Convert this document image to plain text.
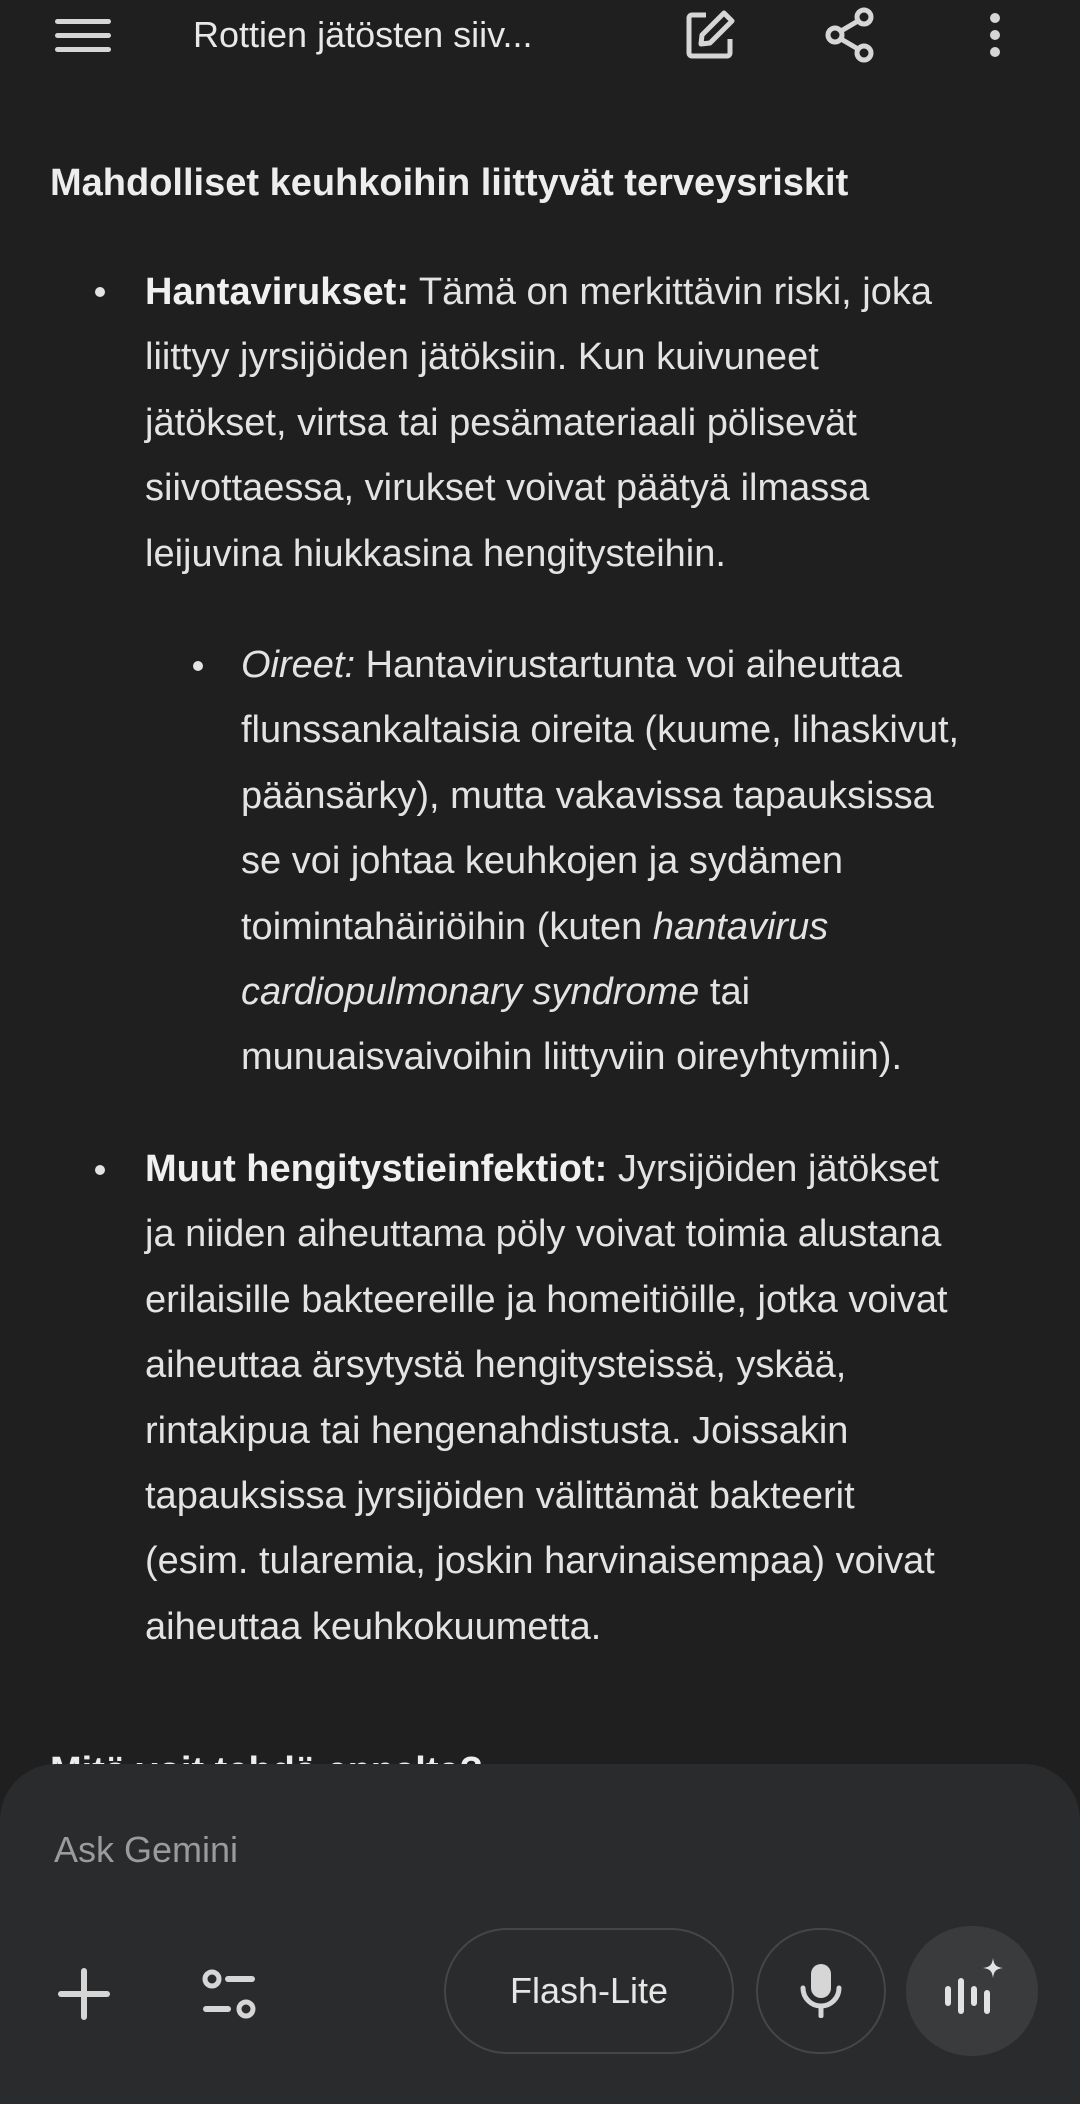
Rottien jätösten siiv...
Mahdolliset keuhkoihin liittyvät terveysriskit
Hantavirukset: Tämä on merkittävin riski, joka
liittyy jyrsijöiden jätöksiin. Kun kuivuneet
jätökset, virtsa tai pesämateriaali pölisevät
siivottaessa, virukset voivat päätyä ilmassa
leijuvina hiukkasina hengitysteihin.
Oireet: Hantavirustartunta voi aiheuttaa
flunssankaltaisia oireita (kuume, lihaskivut,
päänsärky), mutta vakavissa tapauksissa
se voi johtaa keuhkojen ja sydämen
toimintahäiriöihin (kuten hantavirus
cardiopulmonary syndrome tai
munuaisvaivoihin liittyviin oireyhtymiin).
Muut hengitystieinfektiot: Jyrsijöiden jätökset
ja niiden aiheuttama pöly voivat toimia alustana
erilaisille bakteereille ja homeitiöille, jotka voivat
aiheuttaa ärsytystä hengitysteissä, yskää,
rintakipua tai hengenahdistusta. Joissakin
tapauksissa jyrsijöiden välittämät bakteerit
(esim. tularemia, joskin harvinaisempaa) voivat
aiheuttaa keuhkokuumetta.
Ask Gemini
Flash-Lite
